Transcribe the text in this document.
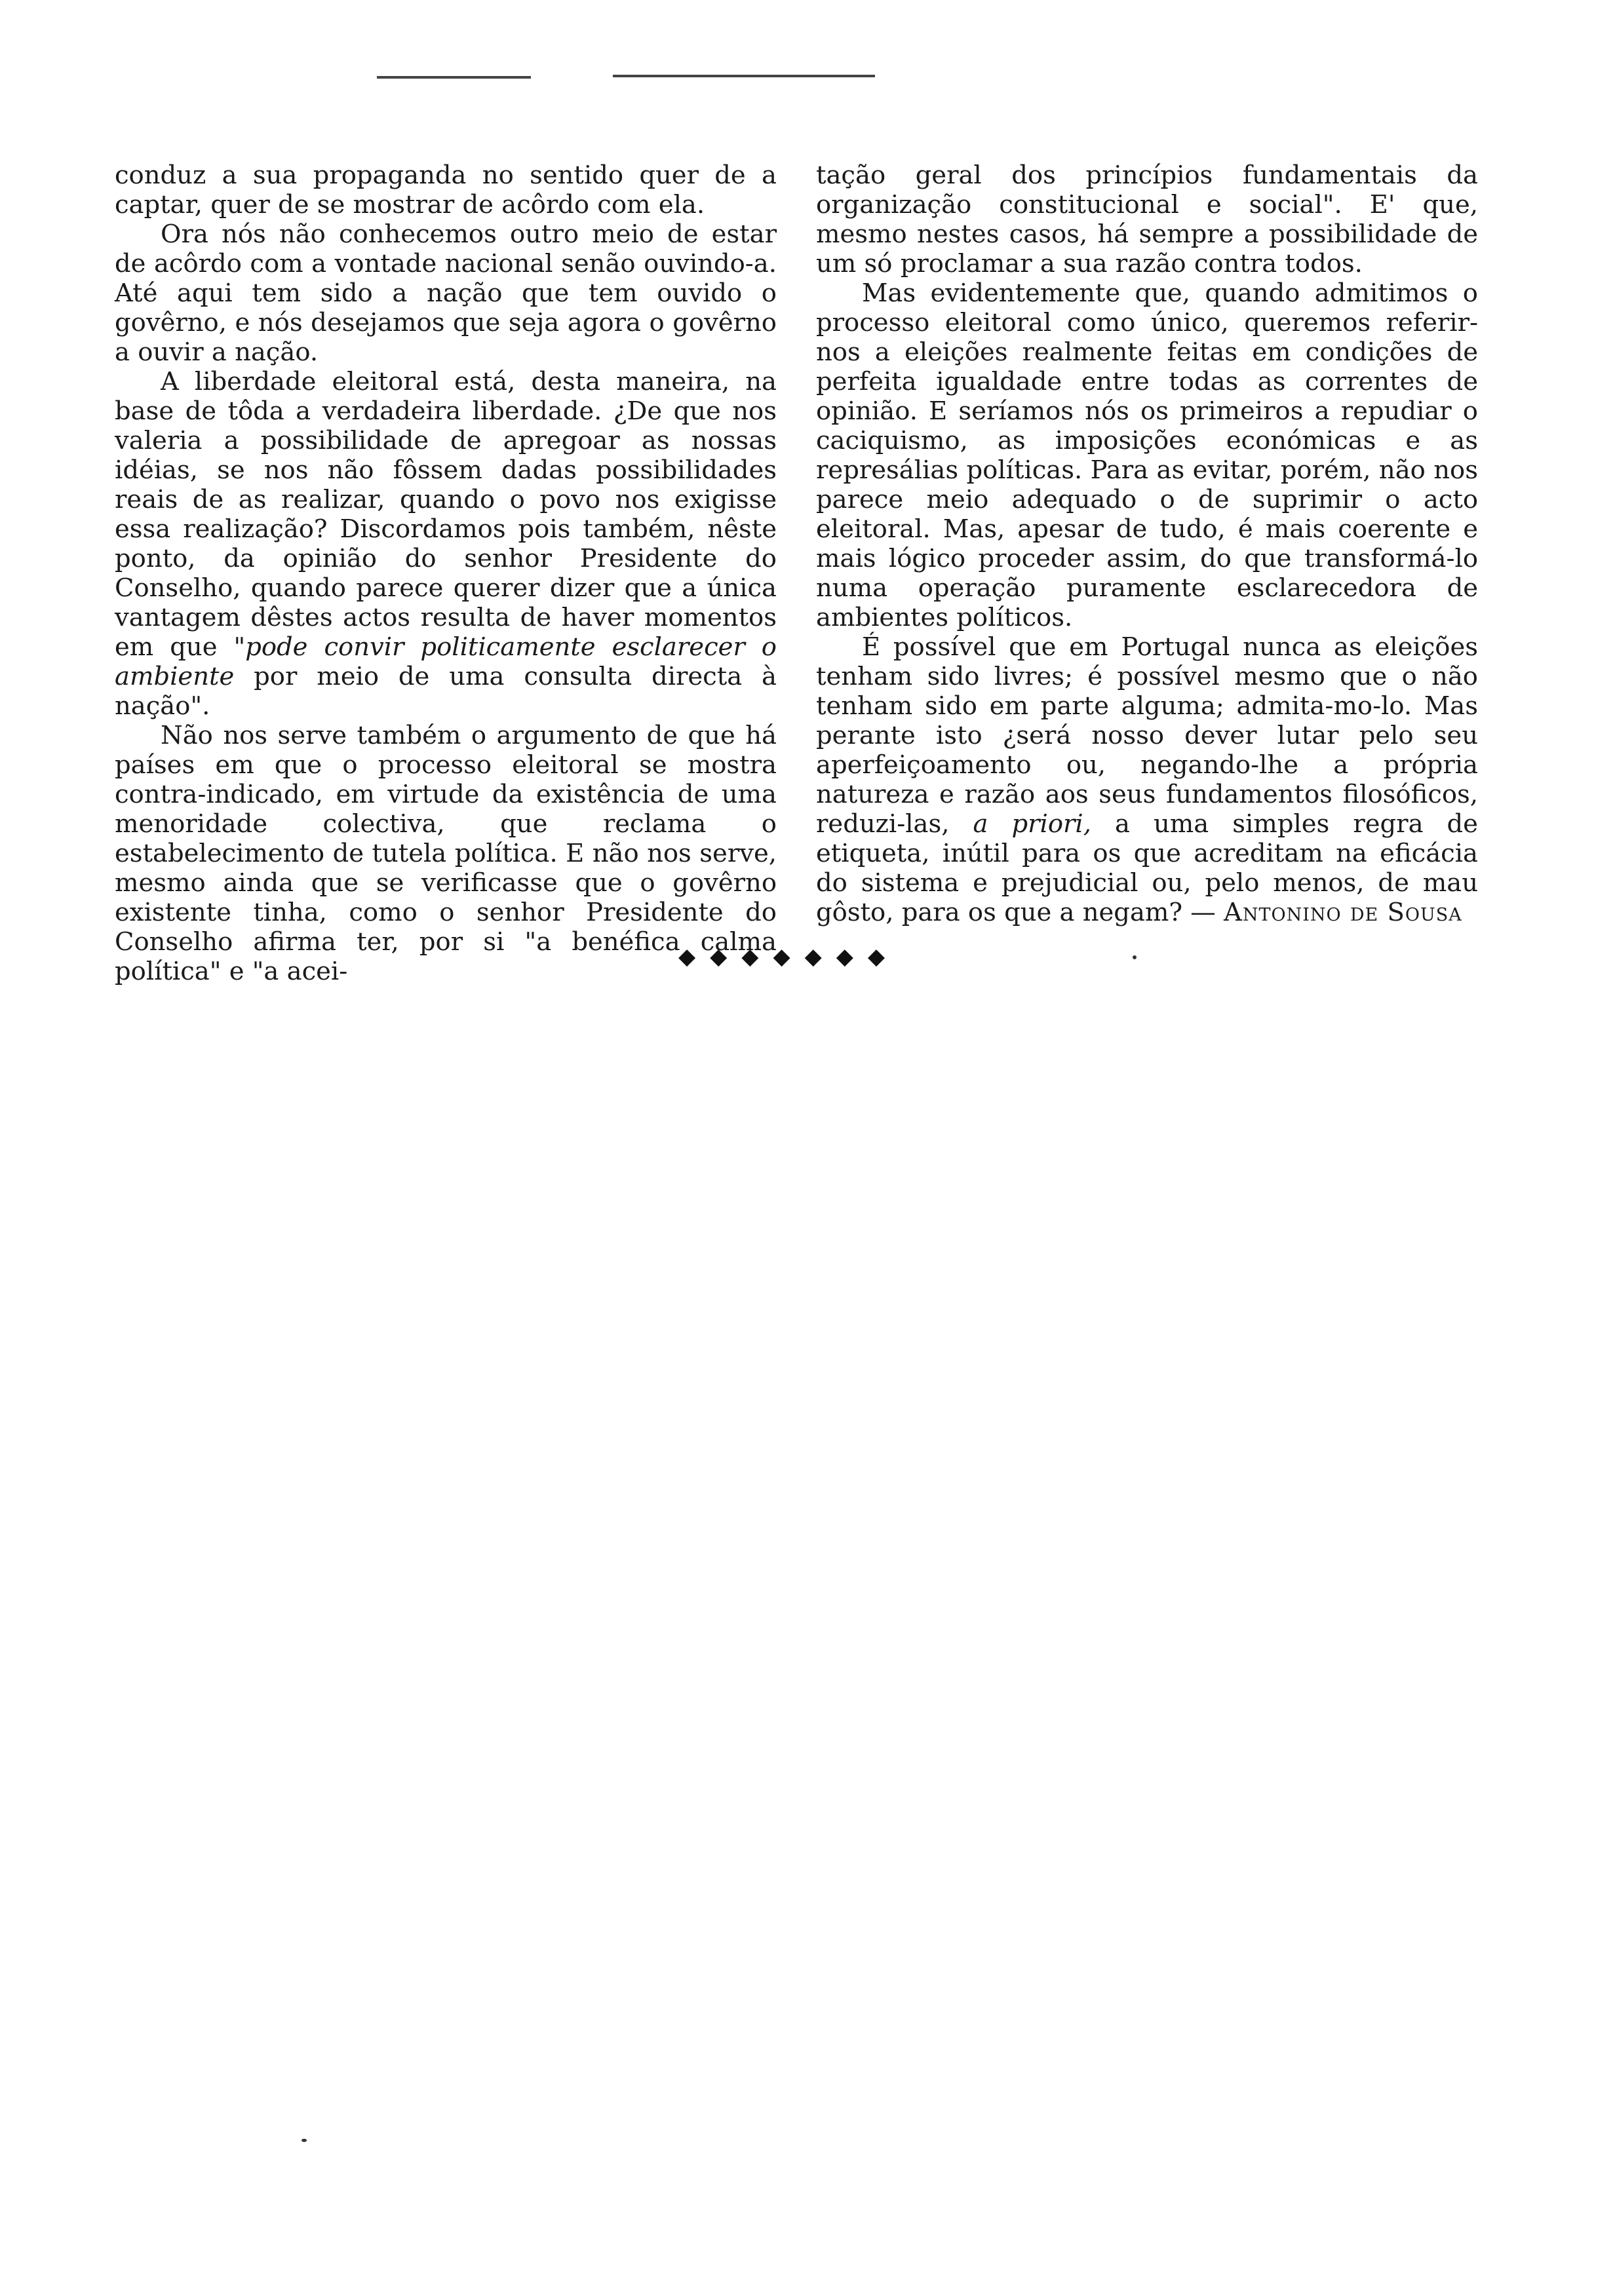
conduz a sua propaganda no sentido quer de a captar, quer de se mostrar de acôrdo com ela.

Ora nós não conhecemos outro meio de estar de acôrdo com a vontade nacional senão ouvindo-a. Até aqui tem sido a nação que tem ouvido o govêrno, e nós desejamos que seja agora o govêrno a ouvir a nação.

A liberdade eleitoral está, desta maneira, na base de tôda a verdadeira liberdade. ¿De que nos valeria a possibilidade de apregoar as nossas idéias, se nos não fôssem dadas possibilidades reais de as realizar, quando o povo nos exigisse essa realização? Discordamos pois também, nêste ponto, da opinião do senhor Presidente do Conselho, quando parece querer dizer que a única vantagem dêstes actos resulta de haver momentos em que "pode convir politicamente esclarecer o ambiente por meio de uma consulta directa à nação".

Não nos serve também o argumento de que há países em que o processo eleitoral se mostra contra-indicado, em virtude da existência de uma menoridade colectiva, que reclama o estabelecimento de tutela política. E não nos serve, mesmo ainda que se verificasse que o govêrno existente tinha, como o senhor Presidente do Conselho afirma ter, por si "a benéfica calma política" e "a acei-

tação geral dos princípios fundamentais da organização constitucional e social". E' que, mesmo nestes casos, há sempre a possibilidade de um só proclamar a sua razão contra todos.

Mas evidentemente que, quando admitimos o processo eleitoral como único, queremos referir-nos a eleições realmente feitas em condições de perfeita igualdade entre todas as correntes de opinião. E seríamos nós os primeiros a repudiar o caciquismo, as imposições económicas e as represálias políticas. Para as evitar, porém, não nos parece meio adequado o de suprimir o acto eleitoral. Mas, apesar de tudo, é mais coerente e mais lógico proceder assim, do que transformá-lo numa operação puramente esclarecedora de ambientes políticos.

É possível que em Portugal nunca as eleições tenham sido livres; é possível mesmo que o não tenham sido em parte alguma; admita-mo-lo. Mas perante isto ¿será nosso dever lutar pelo seu aperfeiçoamento ou, negando-lhe a própria natureza e razão aos seus fundamentos filosóficos, reduzi-las, a priori, a uma simples regra de etiqueta, inútil para os que acreditam na eficácia do sistema e prejudicial ou, pelo menos, de mau gôsto, para os que a negam? — Antonino de Sousa

◆◆◆◆◆◆◆
